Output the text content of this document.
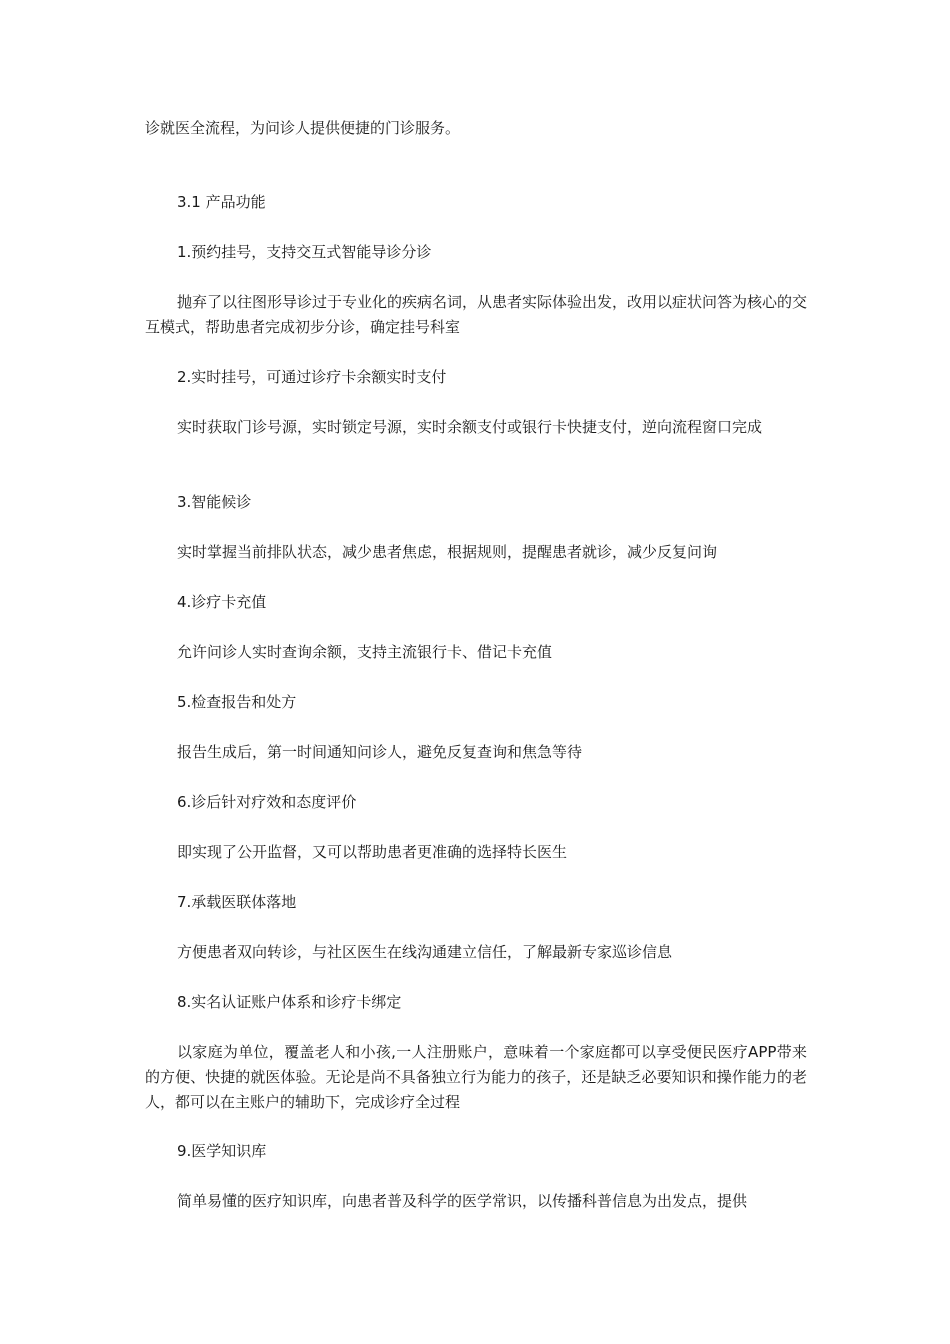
诊就医全流程，为问诊人提供便捷的门诊服务。

3.1 产品功能

1.预约挂号，支持交互式智能导诊分诊

抛弃了以往图形导诊过于专业化的疾病名词，从患者实际体验出发，改用以症状问答为核心的交互模式，帮助患者完成初步分诊，确定挂号科室

2.实时挂号，可通过诊疗卡余额实时支付

实时获取门诊号源，实时锁定号源，实时余额支付或银行卡快捷支付，逆向流程窗口完成

3.智能候诊

实时掌握当前排队状态，减少患者焦虑，根据规则，提醒患者就诊，减少反复问询

4.诊疗卡充值

允许问诊人实时查询余额，支持主流银行卡、借记卡充值

5.检查报告和处方

报告生成后，第一时间通知问诊人，避免反复查询和焦急等待

6.诊后针对疗效和态度评价

即实现了公开监督，又可以帮助患者更准确的选择特长医生

7.承载医联体落地

方便患者双向转诊，与社区医生在线沟通建立信任，了解最新专家巡诊信息

8.实名认证账户体系和诊疗卡绑定

以家庭为单位，覆盖老人和小孩,一人注册账户，意味着一个家庭都可以享受便民医疗APP带来的方便、快捷的就医体验。无论是尚不具备独立行为能力的孩子，还是缺乏必要知识和操作能力的老人，都可以在主账户的辅助下，完成诊疗全过程

9.医学知识库

简单易懂的医疗知识库，向患者普及科学的医学常识，以传播科普信息为出发点，提供
